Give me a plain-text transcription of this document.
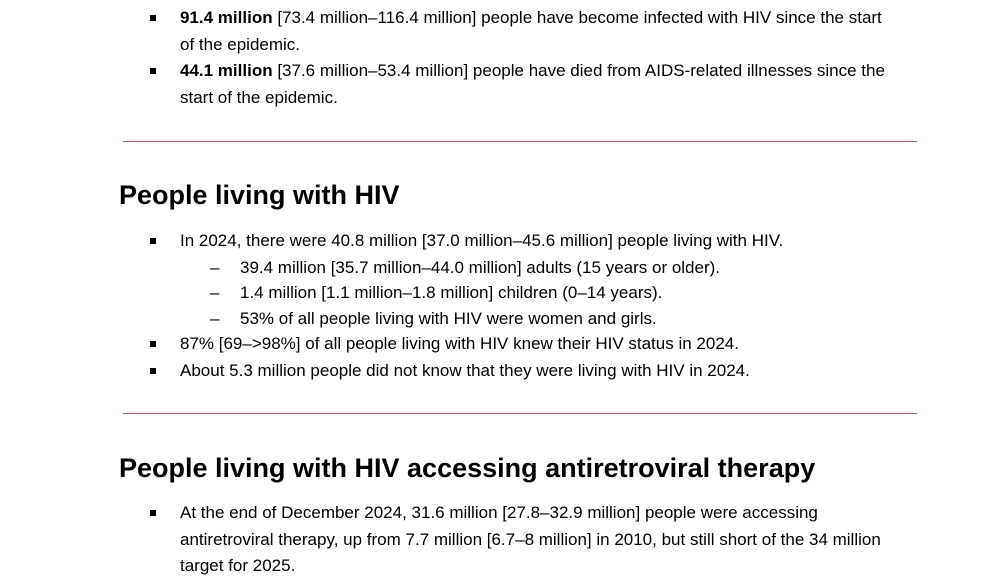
91.4 million [73.4 million–116.4 million] people have become infected with HIV since the start of the epidemic.
44.1 million [37.6 million–53.4 million] people have died from AIDS-related illnesses since the start of the epidemic.
People living with HIV
In 2024, there were 40.8 million [37.0 million–45.6 million] people living with HIV.
– 39.4 million [35.7 million–44.0 million] adults (15 years or older).
– 1.4 million [1.1 million–1.8 million] children (0–14 years).
– 53% of all people living with HIV were women and girls.
87% [69–>98%] of all people living with HIV knew their HIV status in 2024.
About 5.3 million people did not know that they were living with HIV in 2024.
People living with HIV accessing antiretroviral therapy
At the end of December 2024, 31.6 million [27.8–32.9 million] people were accessing antiretroviral therapy, up from 7.7 million [6.7–8 million] in 2010, but still short of the 34 million target for 2025.
